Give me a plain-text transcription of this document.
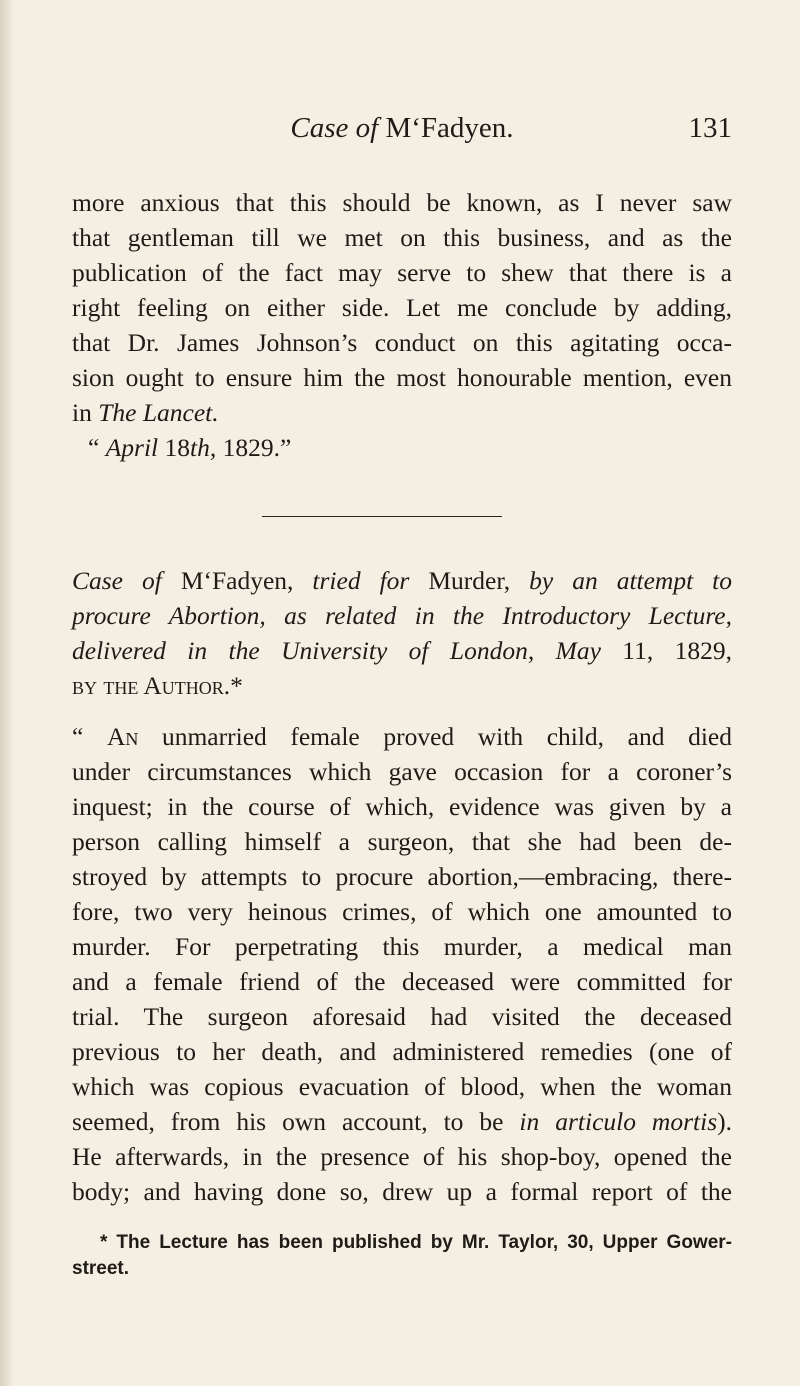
Case of M‘Fadyen.	131
more anxious that this should be known, as I never saw
that gentleman till we met on this business, and as the
publication of the fact may serve to shew that there is a
right feeling on either side. Let me conclude by adding,
that Dr. James Johnson’s conduct on this agitating occa-
sion ought to ensure him the most honourable mention, even
in The Lancet.
“ April 18th, 1829.”
Case of M‘Fadyen, tried for Murder, by an attempt to
procure Abortion, as related in the Introductory Lecture,
delivered in the University of London, May 11, 1829,
by the Author.*
“ An unmarried female proved with child, and died
under circumstances which gave occasion for a coroner’s
inquest; in the course of which, evidence was given by a
person calling himself a surgeon, that she had been de-
stroyed by attempts to procure abortion,—embracing, there-
fore, two very heinous crimes, of which one amounted to
murder. For perpetrating this murder, a medical man
and a female friend of the deceased were committed for
trial. The surgeon aforesaid had visited the deceased
previous to her death, and administered remedies (one of
which was copious evacuation of blood, when the woman
seemed, from his own account, to be in articulo mortis).
He afterwards, in the presence of his shop-boy, opened the
body; and having done so, drew up a formal report of the
* The Lecture has been published by Mr. Taylor, 30, Upper Gower-
street.
